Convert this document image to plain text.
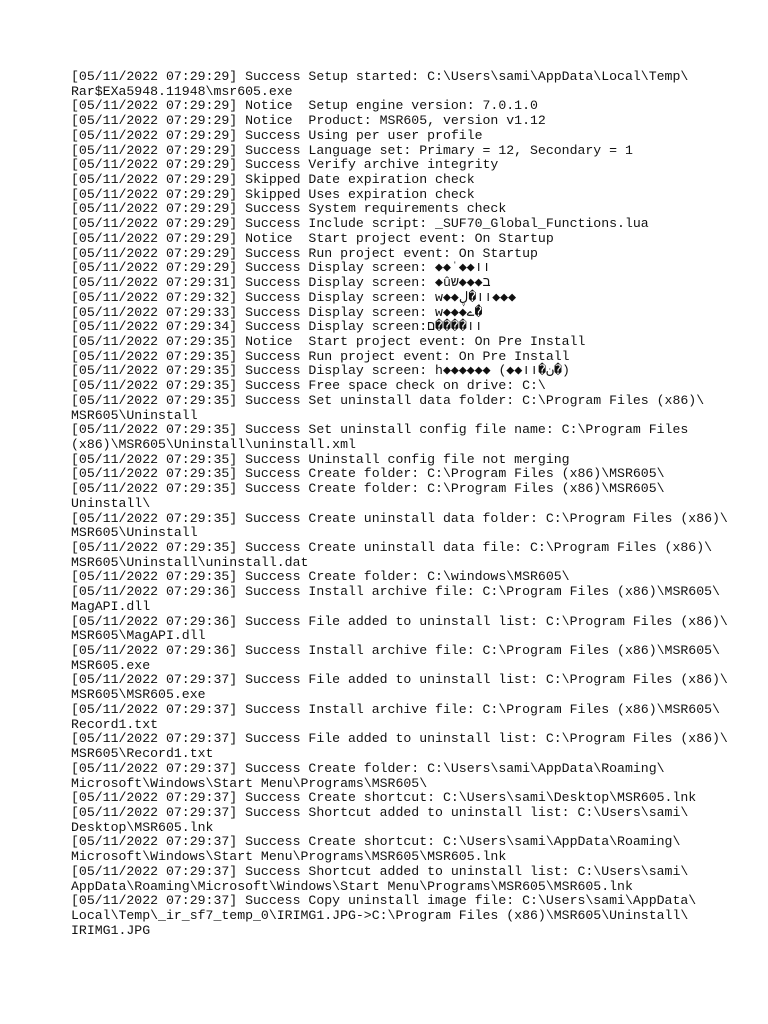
[05/11/2022 07:29:29] Success Setup started: C:\Users\sami\AppData\Local\Temp\
Rar$EXa5948.11948\msr605.exe
[05/11/2022 07:29:29] Notice  Setup engine version: 7.0.1.0
[05/11/2022 07:29:29] Notice  Product: MSR605, version v1.12
[05/11/2022 07:29:29] Success Using per user profile
[05/11/2022 07:29:29] Success Language set: Primary = 12, Secondary = 1
[05/11/2022 07:29:29] Success Verify archive integrity
[05/11/2022 07:29:29] Skipped Date expiration check
[05/11/2022 07:29:29] Skipped Uses expiration check
[05/11/2022 07:29:29] Success System requirements check
[05/11/2022 07:29:29] Success Include script: _SUF70_Global_Functions.lua
[05/11/2022 07:29:29] Notice  Start project event: On Startup
[05/11/2022 07:29:29] Success Run project event: On Startup
[05/11/2022 07:29:29] Success Display screen: ◆◆ˈ◆◆וו
[05/11/2022 07:29:31] Success Display screen: ◆ûב◆◆◆ש
[05/11/2022 07:29:32] Success Display screen: w◆◆וו�ڸ◆◆◆
[05/11/2022 07:29:33] Success Display screen: w◆◆◆ے�ُ
[05/11/2022 07:29:34] Success Display screen:וו����ם
[05/11/2022 07:29:35] Notice  Start project event: On Pre Install
[05/11/2022 07:29:35] Success Run project event: On Pre Install
[05/11/2022 07:29:35] Success Display screen: h◆◆◆◆◆◆ (◆◆ن�וו�)
[05/11/2022 07:29:35] Success Free space check on drive: C:\
[05/11/2022 07:29:35] Success Set uninstall data folder: C:\Program Files (x86)\
MSR605\Uninstall
[05/11/2022 07:29:35] Success Set uninstall config file name: C:\Program Files
(x86)\MSR605\Uninstall\uninstall.xml
[05/11/2022 07:29:35] Success Uninstall config file not merging
[05/11/2022 07:29:35] Success Create folder: C:\Program Files (x86)\MSR605\
[05/11/2022 07:29:35] Success Create folder: C:\Program Files (x86)\MSR605\
Uninstall\
[05/11/2022 07:29:35] Success Create uninstall data folder: C:\Program Files (x86)\
MSR605\Uninstall
[05/11/2022 07:29:35] Success Create uninstall data file: C:\Program Files (x86)\
MSR605\Uninstall\uninstall.dat
[05/11/2022 07:29:35] Success Create folder: C:\windows\MSR605\
[05/11/2022 07:29:36] Success Install archive file: C:\Program Files (x86)\MSR605\
MagAPI.dll
[05/11/2022 07:29:36] Success File added to uninstall list: C:\Program Files (x86)\
MSR605\MagAPI.dll
[05/11/2022 07:29:36] Success Install archive file: C:\Program Files (x86)\MSR605\
MSR605.exe
[05/11/2022 07:29:37] Success File added to uninstall list: C:\Program Files (x86)\
MSR605\MSR605.exe
[05/11/2022 07:29:37] Success Install archive file: C:\Program Files (x86)\MSR605\
Record1.txt
[05/11/2022 07:29:37] Success File added to uninstall list: C:\Program Files (x86)\
MSR605\Record1.txt
[05/11/2022 07:29:37] Success Create folder: C:\Users\sami\AppData\Roaming\
Microsoft\Windows\Start Menu\Programs\MSR605\
[05/11/2022 07:29:37] Success Create shortcut: C:\Users\sami\Desktop\MSR605.lnk
[05/11/2022 07:29:37] Success Shortcut added to uninstall list: C:\Users\sami\
Desktop\MSR605.lnk
[05/11/2022 07:29:37] Success Create shortcut: C:\Users\sami\AppData\Roaming\
Microsoft\Windows\Start Menu\Programs\MSR605\MSR605.lnk
[05/11/2022 07:29:37] Success Shortcut added to uninstall list: C:\Users\sami\
AppData\Roaming\Microsoft\Windows\Start Menu\Programs\MSR605\MSR605.lnk
[05/11/2022 07:29:37] Success Copy uninstall image file: C:\Users\sami\AppData\
Local\Temp\_ir_sf7_temp_0\IRIMG1.JPG->C:\Program Files (x86)\MSR605\Uninstall\
IRIMG1.JPG
